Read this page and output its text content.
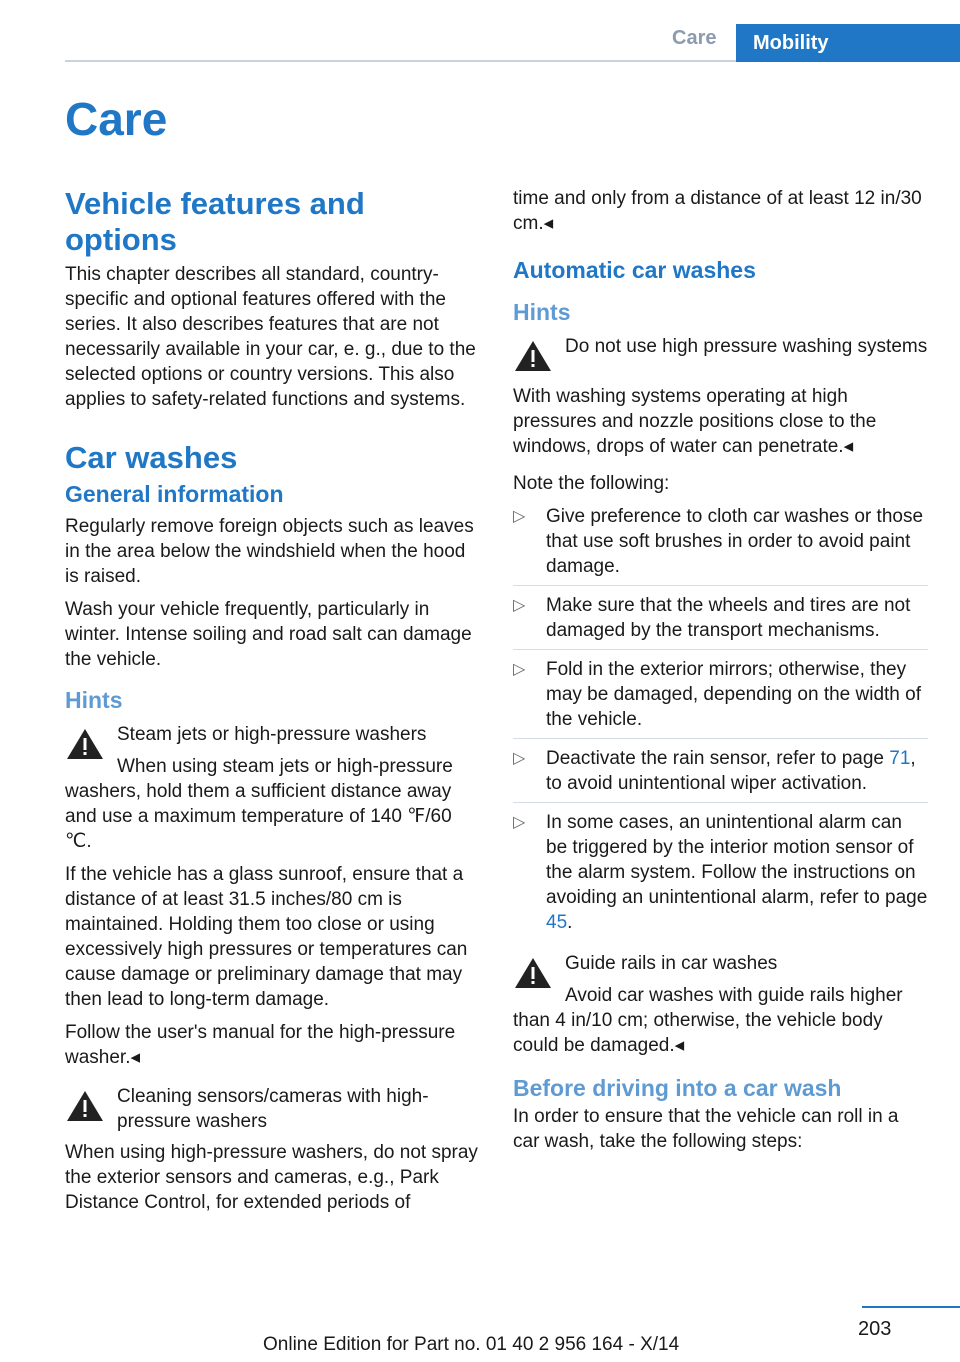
Care	Mobility
Care
Vehicle features and options

This chapter describes all standard, country-specific and optional features offered with the series. It also describes features that are not necessarily available in your car, e. g., due to the selected options or country versions. This also applies to safety-related functions and systems.

Car washes
General information

Regularly remove foreign objects such as leaves in the area below the windshield when the hood is raised.

Wash your vehicle frequently, particularly in winter. Intense soiling and road salt can damage the vehicle.

Hints
Steam jets or high-pressure washers

When using steam jets or high-pressure washers, hold them a sufficient distance away and use a maximum temperature of 140 ℉/60 ℃.

If the vehicle has a glass sunroof, ensure that a distance of at least 31.5 inches/80 cm is maintained. Holding them too close or using excessively high pressures or temperatures can cause damage or preliminary damage that may then lead to long-term damage.

Follow the user's manual for the high-pressure washer.◂

Cleaning sensors/cameras with high-pressure washers

When using high-pressure washers, do not spray the exterior sensors and cameras, e.g., Park Distance Control, for extended periods of

time and only from a distance of at least 12 in/30 cm.◂

Automatic car washes
Hints
Do not use high pressure washing systems

With washing systems operating at high pressures and nozzle positions close to the windows, drops of water can penetrate.◂

Note the following:

▷ Give preference to cloth car washes or those that use soft brushes in order to avoid paint damage.
▷ Make sure that the wheels and tires are not damaged by the transport mechanisms.
▷ Fold in the exterior mirrors; otherwise, they may be damaged, depending on the width of the vehicle.
▷ Deactivate the rain sensor, refer to page 71, to avoid unintentional wiper activation.
▷ In some cases, an unintentional alarm can be triggered by the interior motion sensor of the alarm system. Follow the instructions on avoiding an unintentional alarm, refer to page 45.
Guide rails in car washes

Avoid car washes with guide rails higher than 4 in/10 cm; otherwise, the vehicle body could be damaged.◂

Before driving into a car wash

In order to ensure that the vehicle can roll in a car wash, take the following steps:

203
Online Edition for Part no. 01 40 2 956 164 - X/14
